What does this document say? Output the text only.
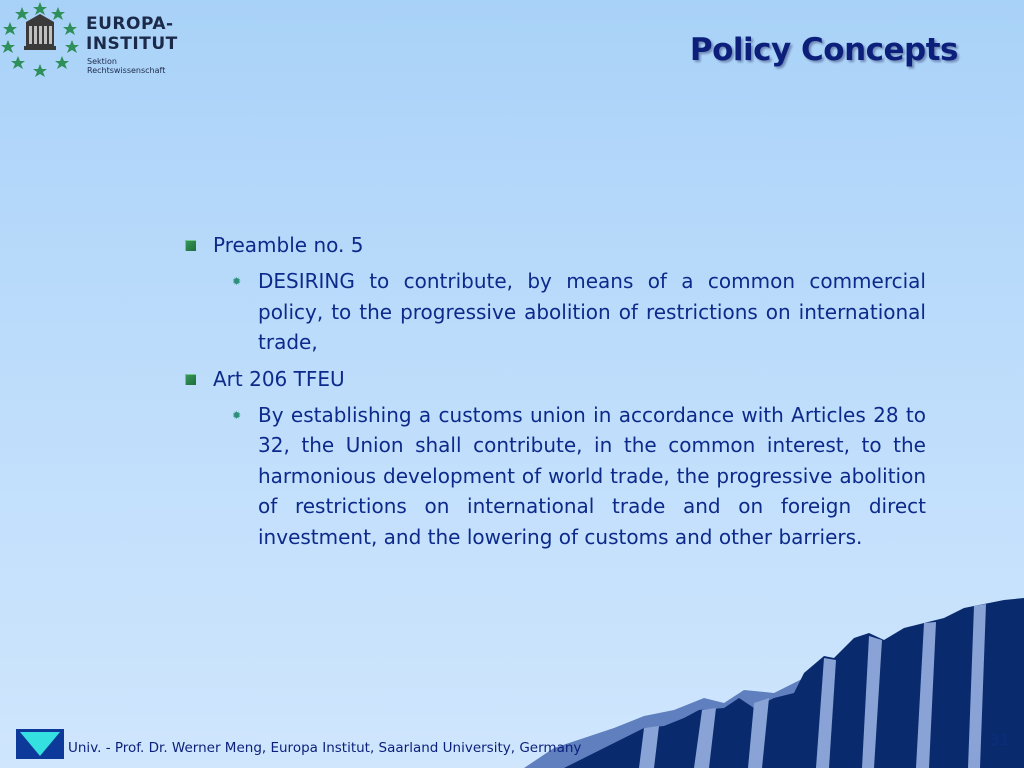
EUROPA-
INSTITUT
Sektion Rechtswissenschaft
Policy Concepts
Preamble no. 5
✹ DESIRING to contribute, by means of a common commercial policy, to the progressive abolition of restrictions on international trade,
Art 206 TFEU
✹ By establishing a customs union in accordance with Articles 28 to 32, the Union shall contribute, in the common interest, to the harmonious development of world trade, the progressive abolition of restrictions on international trade and on foreign direct investment, and the lowering of customs and other barriers.
Univ. - Prof. Dr. Werner Meng, Europa Institut, Saarland University, Germany	31
